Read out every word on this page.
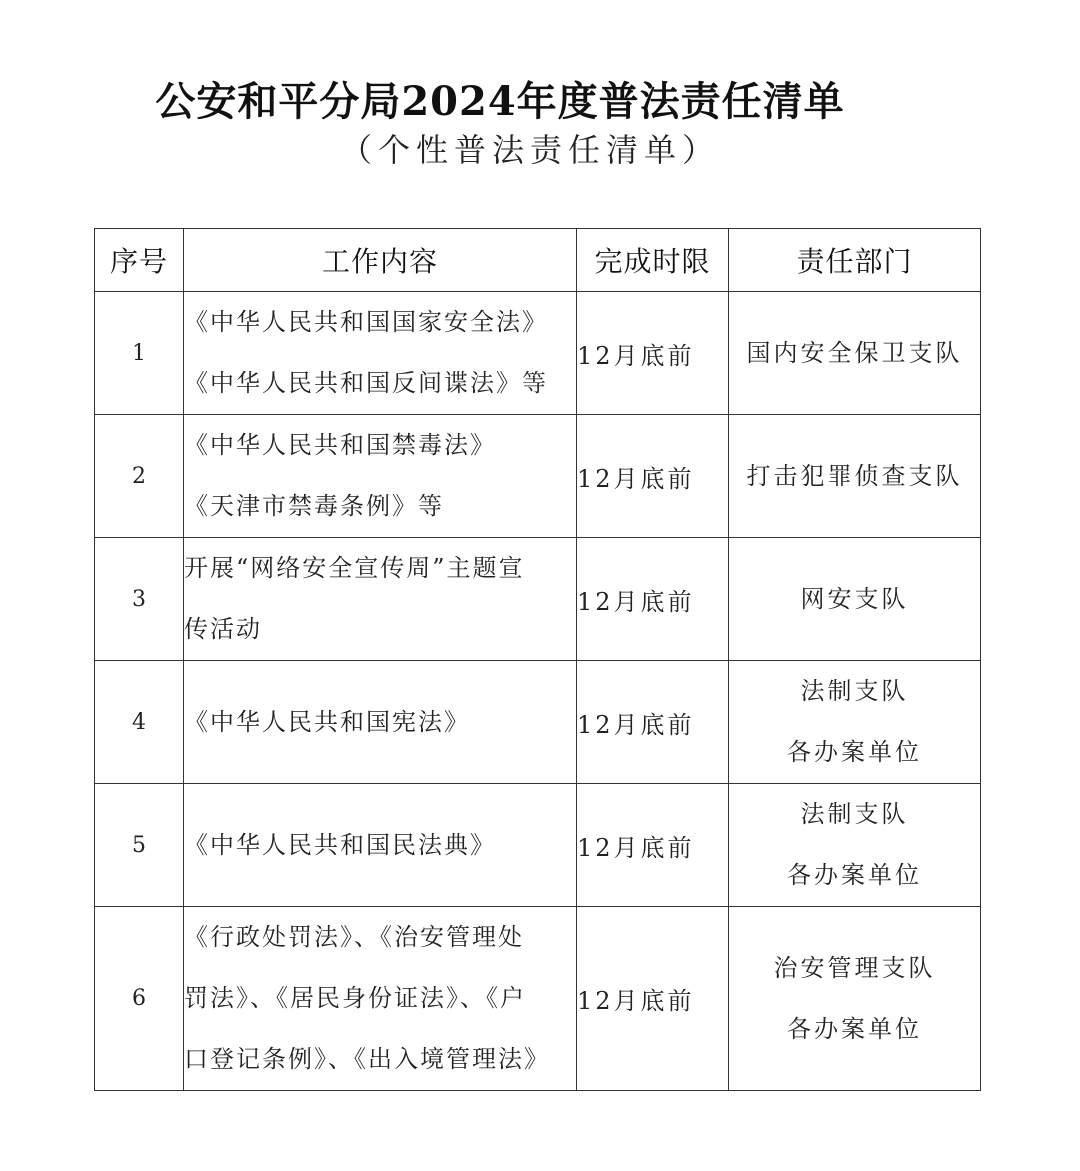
公安和平分局2024年度普法责任清单
（个性普法责任清单）
序号	工作内容	完成时限	责任部门
1	《中华人民共和国国家安全法》
《中华人民共和国反间谍法》等	12月底前	国内安全保卫支队

2	《中华人民共和国禁毒法》
《天津市禁毒条例》等	12月底前	打击犯罪侦查支队

3	开展“网络安全宣传周”主题宣
传活动	12月底前	网安支队

4	《中华人民共和国宪法》	12月底前	法制支队
各办案单位

5	《中华人民共和国民法典》	12月底前	法制支队
各办案单位

6	《行政处罚法》、《治安管理处
罚法》、《居民身份证法》、《户
口登记条例》、《出入境管理法》	12月底前	治安管理支队
各办案单位
